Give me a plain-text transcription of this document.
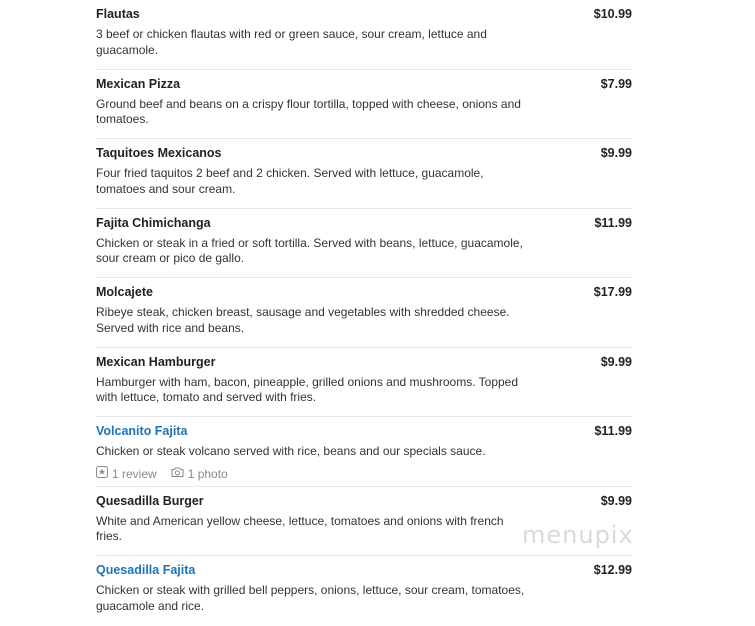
Flautas	$10.99
3 beef or chicken flautas with red or green sauce, sour cream, lettuce and guacamole.
Mexican Pizza	$7.99
Ground beef and beans on a crispy flour tortilla, topped with cheese, onions and tomatoes.
Taquitoes Mexicanos	$9.99
Four fried taquitos 2 beef and 2 chicken. Served with lettuce, guacamole, tomatoes and sour cream.
Fajita Chimichanga	$11.99
Chicken or steak in a fried or soft tortilla. Served with beans, lettuce, guacamole, sour cream or pico de gallo.
Molcajete	$17.99
Ribeye steak, chicken breast, sausage and vegetables with shredded cheese. Served with rice and beans.
Mexican Hamburger	$9.99
Hamburger with ham, bacon, pineapple, grilled onions and mushrooms. Topped with lettuce, tomato and served with fries.
Volcanito Fajita	$11.99
Chicken or steak volcano served with rice, beans and our specials sauce.
1 review	1 photo
Quesadilla Burger	$9.99
White and American yellow cheese, lettuce, tomatoes and onions with french fries.
Quesadilla Fajita	$12.99
Chicken or steak with grilled bell peppers, onions, lettuce, sour cream, tomatoes, guacamole and rice.
menupix
